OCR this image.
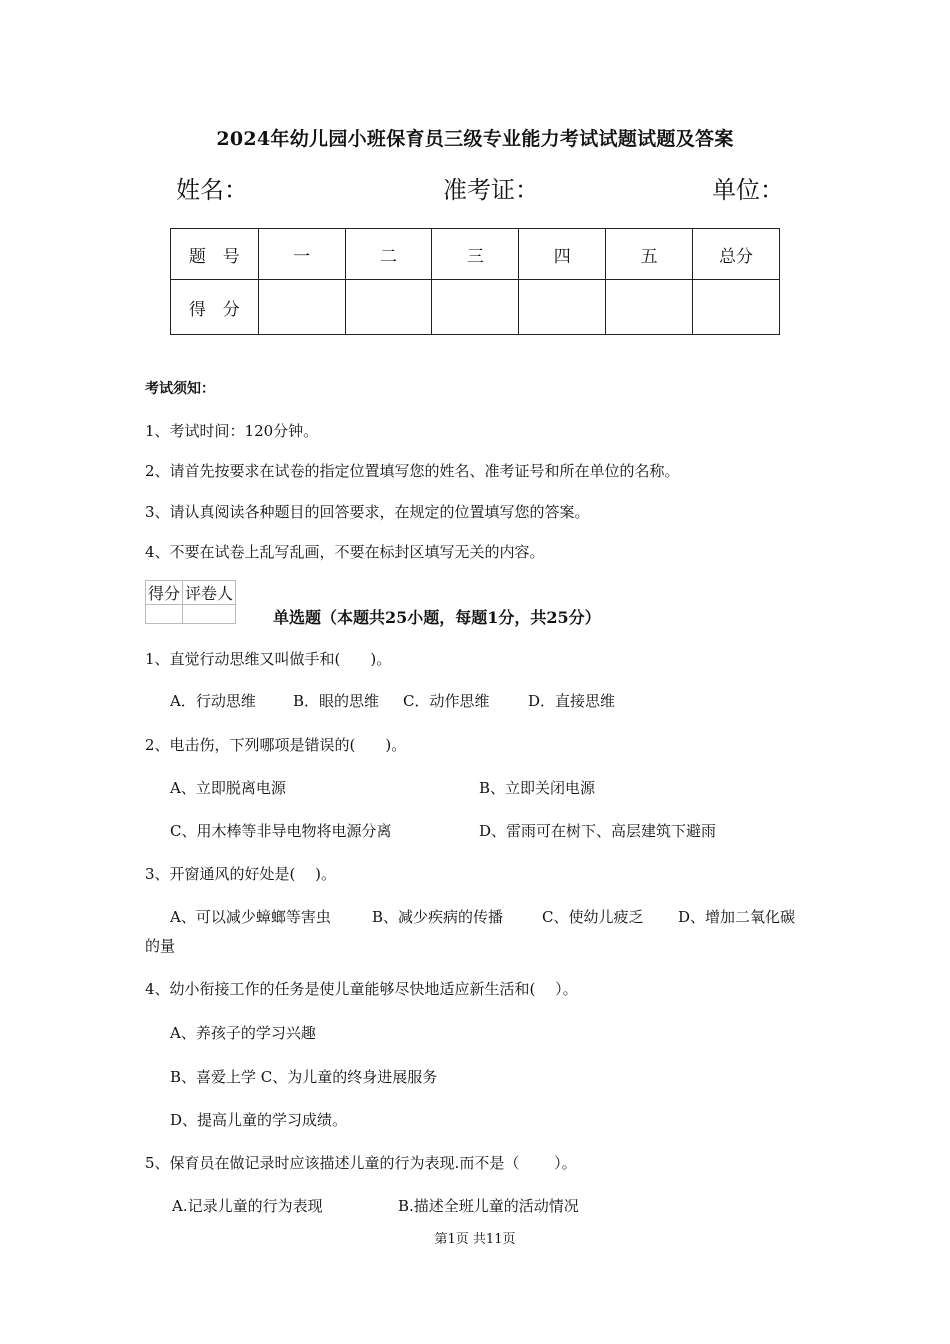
2024年幼儿园小班保育员三级专业能力考试试题试题及答案
姓名：	准考证：	单位：
题　号	一	二	三	四	五	总分
得　分						
考试须知：
1、考试时间：120分钟。
2、请首先按要求在试卷的指定位置填写您的姓名、准考证号和所在单位的名称。
3、请认真阅读各种题目的回答要求，在规定的位置填写您的答案。
4、不要在试卷上乱写乱画，不要在标封区填写无关的内容。
得分	评卷人

单选题（本题共25小题，每题1分，共25分）
1、直觉行动思维又叫做手和(　　)。
A．行动思维 B．眼的思维 C．动作思维	D．直接思维
2、电击伤，下列哪项是错误的(　　)。
A、立即脱离电源	B、立即关闭电源
C、用木棒等非导电物将电源分离	D、雷雨可在树下、高层建筑下避雨
3、开窗通风的好处是(　 )。
A、可以减少蟑螂等害虫	B、减少疾病的传播	C、使幼儿疲乏 D、增加二氧化碳
的量
4、幼小衔接工作的任务是使儿童能够尽快地适应新生活和(　 ）。
A、养孩子的学习兴趣
B、喜爱上学 C、为儿童的终身进展服务
D、提高儿童的学习成绩。
5、保育员在做记录时应该描述儿童的行为表现.而不是（　　 ）。
A.记录儿童的行为表现	B.描述全班儿童的活动情况
第1页 共11页
